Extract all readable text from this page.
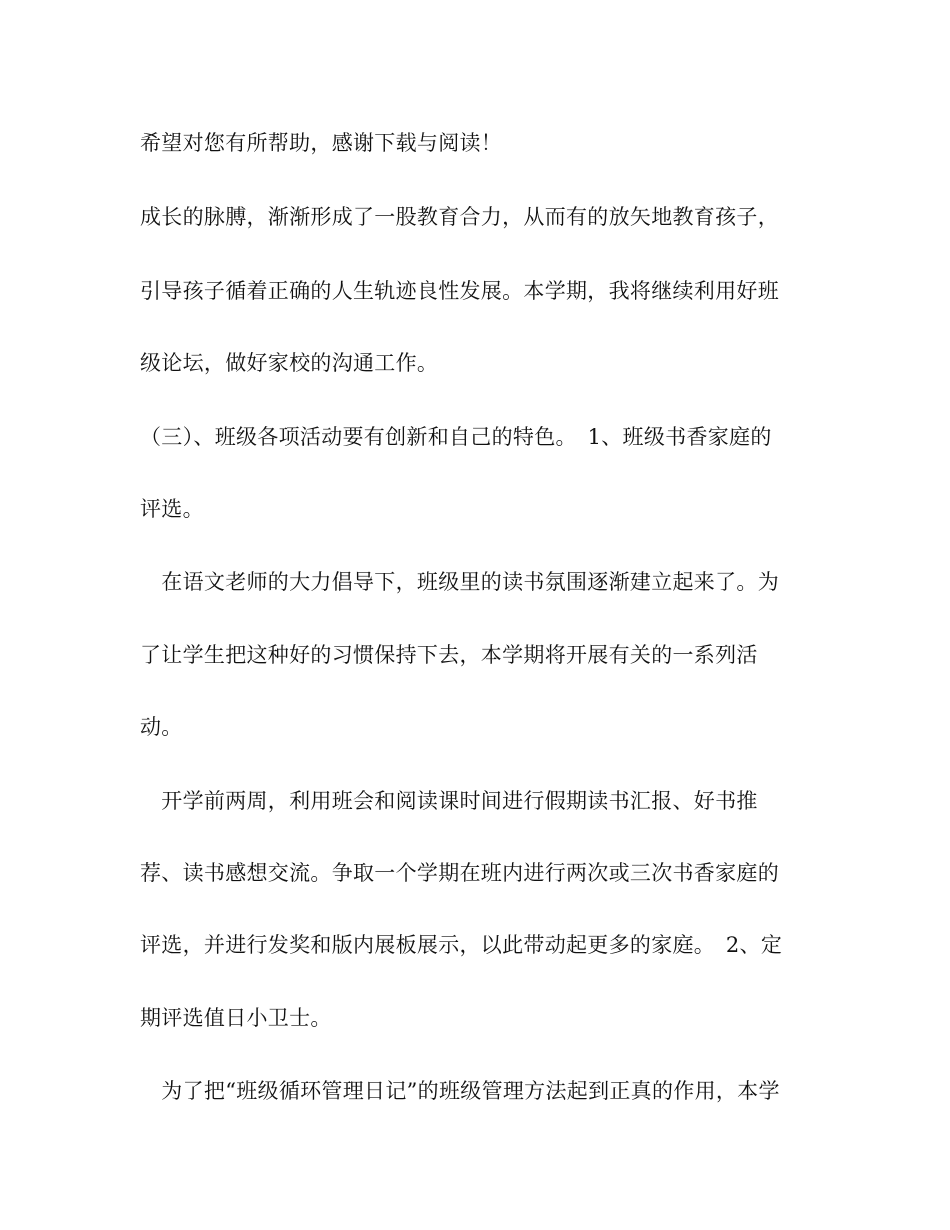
希望对您有所帮助，感谢下载与阅读！
成长的脉膊，渐渐形成了一股教育合力，从而有的放矢地教育孩子，
引导孩子循着正确的人生轨迹良性发展。本学期，我将继续利用好班
级论坛，做好家校的沟通工作。
（三）、班级各项活动要有创新和自己的特色。　1、班级书香家庭的
评选。
　在语文老师的大力倡导下，班级里的读书氛围逐渐建立起来了。为
了让学生把这种好的习惯保持下去，本学期将开展有关的一系列活
动。
　开学前两周，利用班会和阅读课时间进行假期读书汇报、好书推
荐、读书感想交流。争取一个学期在班内进行两次或三次书香家庭的
评选，并进行发奖和版内展板展示，以此带动起更多的家庭。　2、定
期评选值日小卫士。
　为了把“班级循环管理日记”的班级管理方法起到正真的作用，本学
